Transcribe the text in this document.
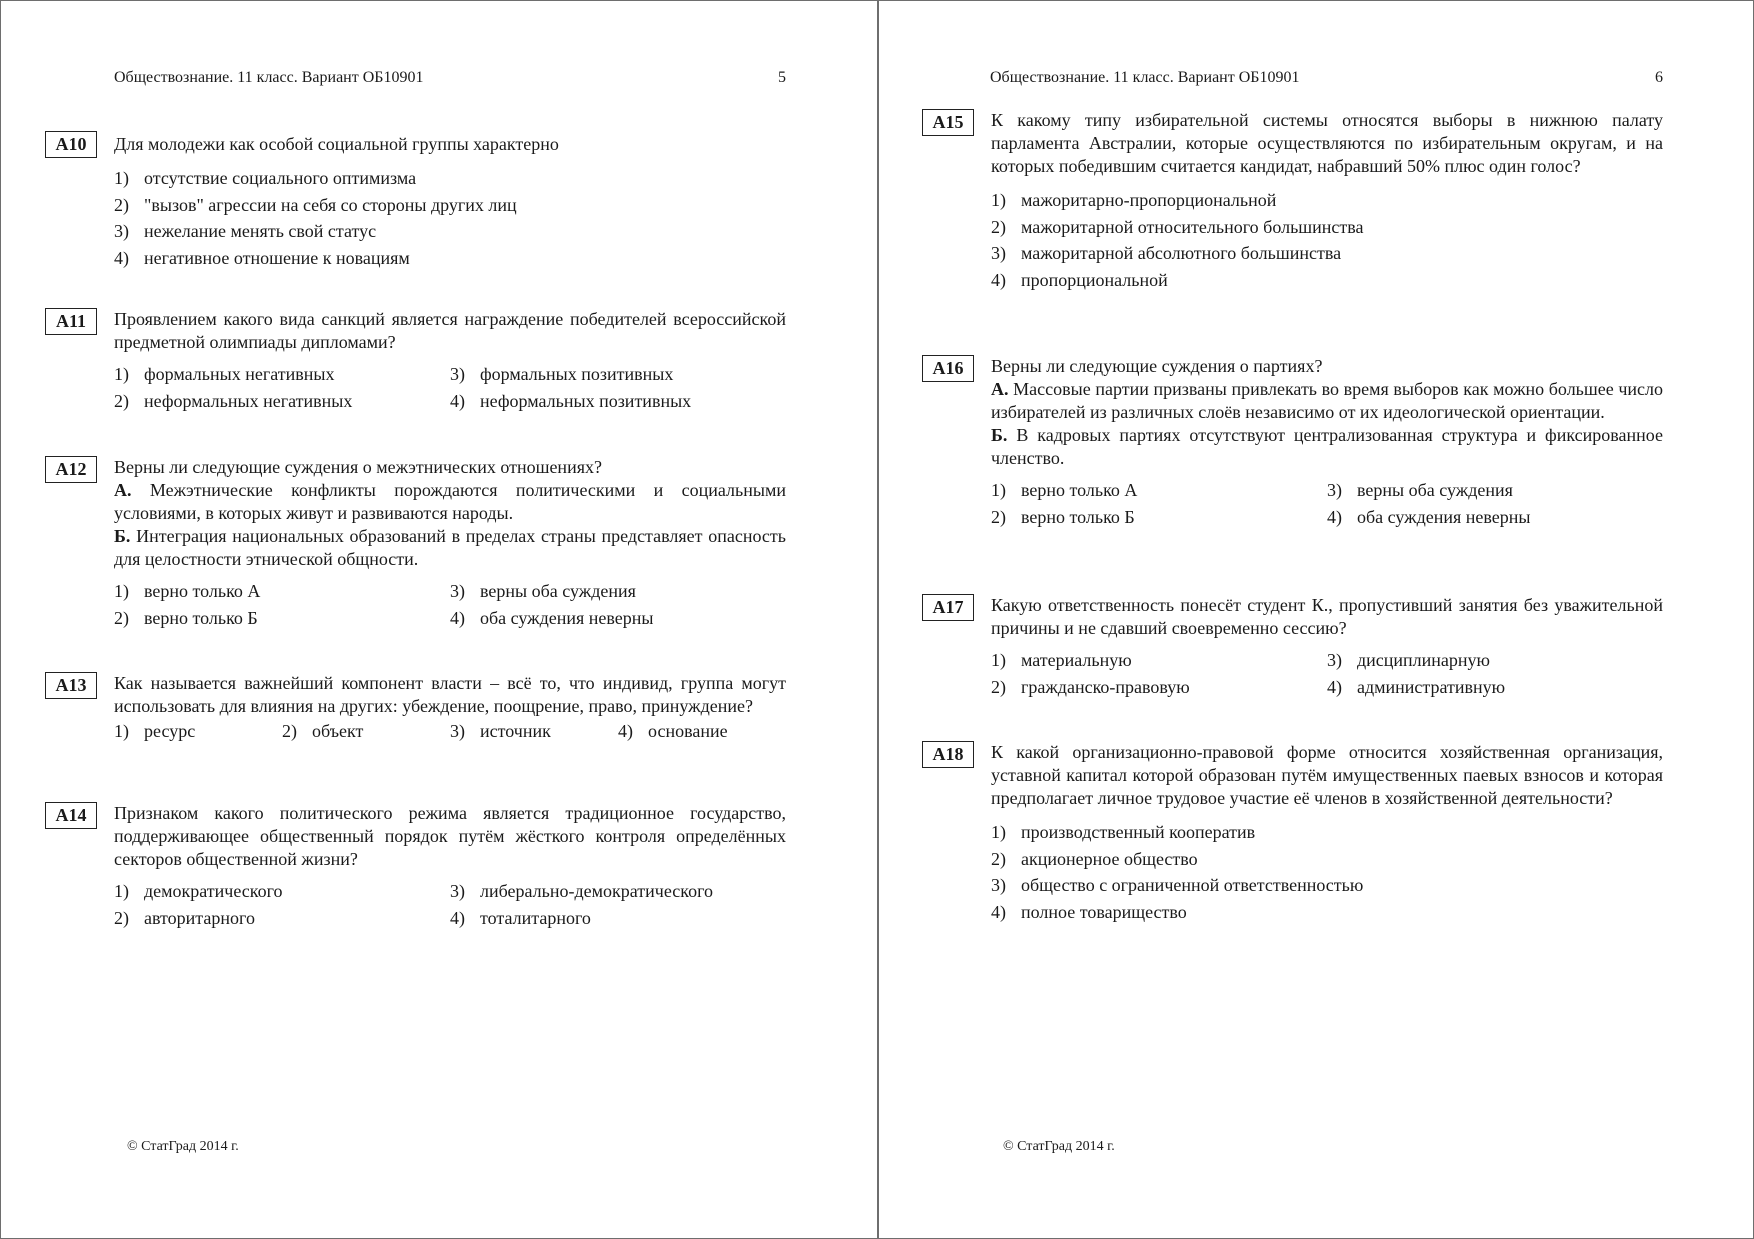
Обществознание. 11 класс. Вариант ОБ10901	5
A10	Для молодежи как особой социальной группы характерно
1) отсутствие социального оптимизма
2) "вызов" агрессии на себя со стороны других лиц
3) нежелание менять свой статус
4) негативное отношение к новациям
A11	Проявлением какого вида санкций является награждение победителей всероссийской предметной олимпиады дипломами?
1) формальных негативных
2) неформальных негативных
3) формальных позитивных
4) неформальных позитивных
A12	Верны ли следующие суждения о межэтнических отношениях?
А. Межэтнические конфликты порождаются политическими и социальными условиями, в которых живут и развиваются народы.
Б. Интеграция национальных образований в пределах страны представляет опасность для целостности этнической общности.
1) верно только А
2) верно только Б
3) верны оба суждения
4) оба суждения неверны
A13	Как называется важнейший компонент власти – всё то, что индивид, группа могут использовать для влияния на других: убеждение, поощрение, право, принуждение?
1) ресурс	2) объект	3) источник	4) основание
A14	Признаком какого политического режима является традиционное государство, поддерживающее общественный порядок путём жёсткого контроля определённых секторов общественной жизни?
1) демократического
2) авторитарного
3) либерально-демократического
4) тоталитарного
© СтатГрад 2014 г.
Обществознание. 11 класс. Вариант ОБ10901	6
A15	К какому типу избирательной системы относятся выборы в нижнюю палату парламента Австралии, которые осуществляются по избирательным округам, и на которых победившим считается кандидат, набравший 50% плюс один голос?
1) мажоритарно-пропорциональной
2) мажоритарной относительного большинства
3) мажоритарной абсолютного большинства
4) пропорциональной
A16	Верны ли следующие суждения о партиях?
А. Массовые партии призваны привлекать во время выборов как можно большее число избирателей из различных слоёв независимо от их идеологической ориентации.
Б. В кадровых партиях отсутствуют централизованная структура и фиксированное членство.
1) верно только А
2) верно только Б
3) верны оба суждения
4) оба суждения неверны
A17	Какую ответственность понесёт студент К., пропустивший занятия без уважительной причины и не сдавший своевременно сессию?
1) материальную
2) гражданско-правовую
3) дисциплинарную
4) административную
A18	К какой организационно-правовой форме относится хозяйственная организация, уставной капитал которой образован путём имущественных паевых взносов и которая предполагает личное трудовое участие её членов в хозяйственной деятельности?
1) производственный кооператив
2) акционерное общество
3) общество с ограниченной ответственностью
4) полное товарищество
© СтатГрад 2014 г.
